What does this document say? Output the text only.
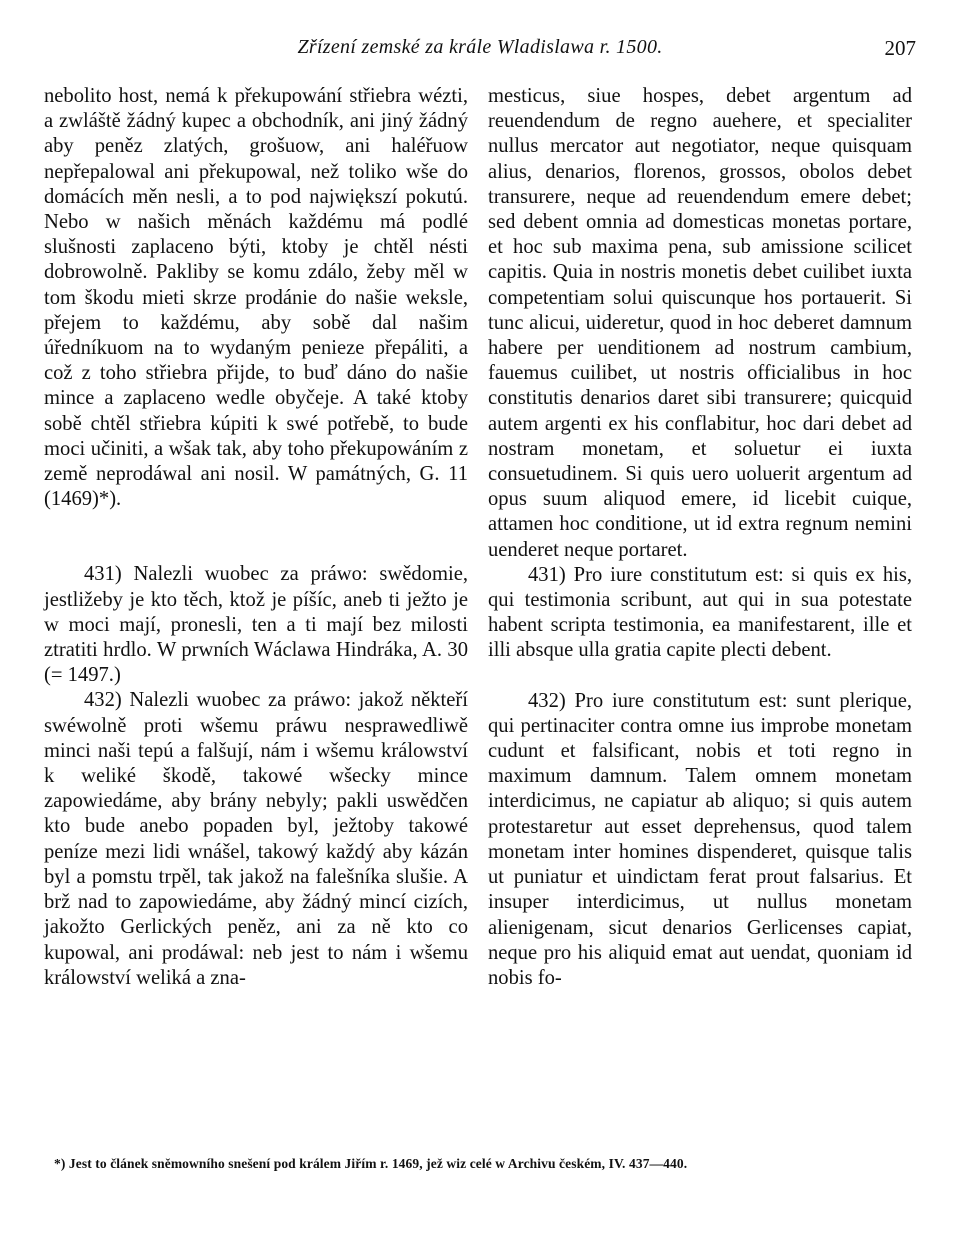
Zřízení zemské za krále Wladislawa r. 1500.	207

nebolito host, nemá k překupowání střiebra wézti, a zwláště žádný kupec a obchodník, ani jiný žádný aby peněz zlatých, grošuow, ani haléřuow nepřepalowal ani překupowal, než toliko wše do domácích měn nesli, a to pod największí pokutú. Nebo w našich měnách každému má podlé slušnosti zaplaceno býti, ktoby je chtěl nésti dobrowolně. Pakliby se komu zdálo, žeby měl w tom škodu mieti skrze prodánie do našie weksle, přejem to každému, aby sobě dal našim úředníkuom na to wydaným penieze přepáliti, a což z toho střiebra přijde, to buď dáno do našie mince a zaplaceno wedle obyčeje. A také ktoby sobě chtěl střiebra kúpiti k swé potřebě, to bude moci učiniti, a wšak tak, aby toho překupowáním z země neprodáwal ani nosil. W památných, G. 11 (1469)*).

431) Nalezli wuobec za práwo: swědomie, jestližeby je kto těch, ktož je píšíc, aneb ti ježto je w moci mají, pronesli, ten a ti mají bez milosti ztratiti hrdlo. W prwních Wáclawa Hindráka, A. 30 (= 1497.)

432) Nalezli wuobec za práwo: jakož někteří swéwolně proti wšemu práwu nesprawedliwě minci naši tepú a falšují, nám i wšemu králowství k weliké škodě, takowé wšecky mince zapowiedáme, aby brány nebyly; pakli uswědčen kto bude anebo popaden byl, ježtoby takowé peníze mezi lidi wnášel, takowý každý aby kázán byl a pomstu trpěl, tak jakož na falešníka slušie. A brž nad to zapowiedáme, aby žádný mincí cizích, jakožto Gerlických peněz, ani za ně kto co kupowal, ani prodáwal: neb jest to nám i wšemu králowství weliká a zna-

mesticus, siue hospes, debet argentum ad reuendendum de regno auehere, et specialiter nullus mercator aut negotiator, neque quisquam alius, denarios, florenos, grossos, obolos debet transurere, neque ad reuendendum emere debet; sed debent omnia ad domesticas monetas portare, et hoc sub maxima pena, sub amissione scilicet capitis. Quia in nostris monetis debet cuilibet iuxta competentiam solui quiscunque hos portauerit. Si tunc alicui, uideretur, quod in hoc deberet damnum habere per uenditionem ad nostrum cambium, fauemus cuilibet, ut nostris officialibus in hoc constitutis denarios daret sibi transurere; quicquid autem argenti ex his conflabitur, hoc dari debet ad nostram monetam, et soluetur ei iuxta consuetudinem. Si quis uero uoluerit argentum ad opus suum aliquod emere, id licebit cuique, attamen hoc conditione, ut id extra regnum nemini uenderet neque portaret.

431) Pro iure constitutum est: si quis ex his, qui testimonia scribunt, aut qui in sua potestate habent scripta testimonia, ea manifestarent, ille et illi absque ulla gratia capite plecti debent.

432) Pro iure constitutum est: sunt plerique, qui pertinaciter contra omne ius improbe monetam cudunt et falsificant, nobis et toti regno in maximum damnum. Talem omnem monetam interdicimus, ne capiatur ab aliquo; si quis autem protestaretur aut esset deprehensus, quod talem monetam inter homines dispenderet, quisque talis ut puniatur et uindictam ferat prout falsarius. Et insuper interdicimus, ut nullus monetam alienigenam, sicut denarios Gerlicenses capiat, neque pro his aliquid emat aut uendat, quoniam id nobis fo-

*) Jest to článek sněmowního snešení pod králem Jiřím r. 1469, jež wiz celé w Archivu českém, IV. 437—440.
